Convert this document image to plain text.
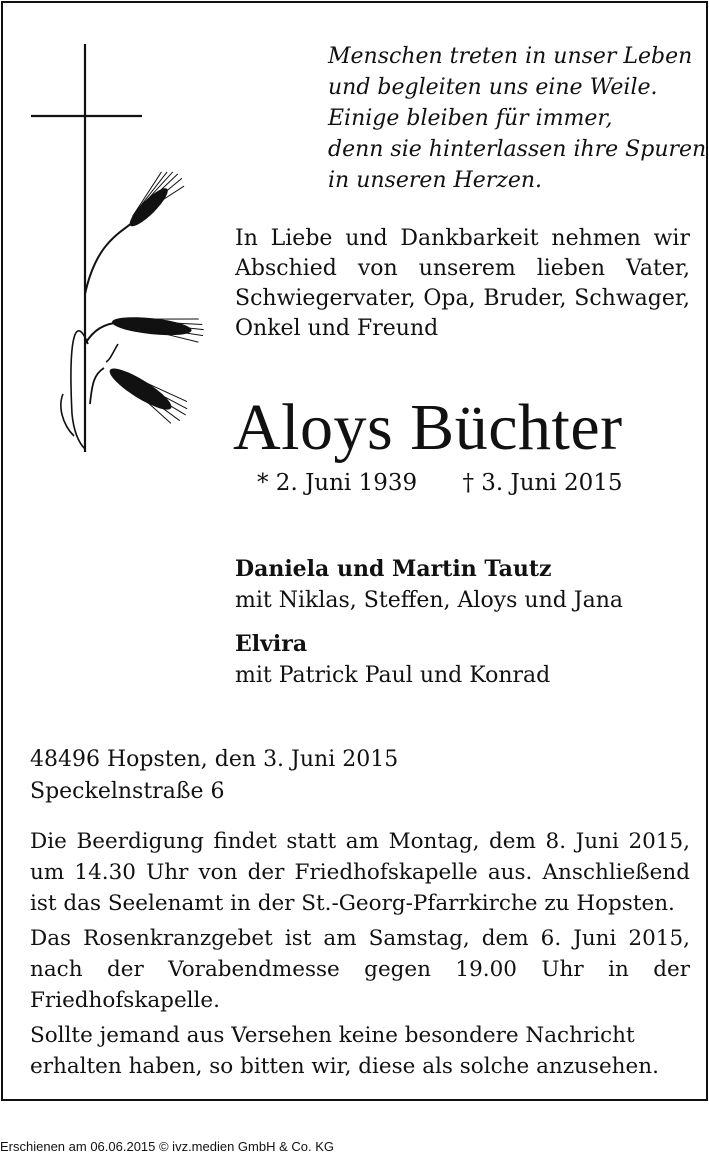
Menschen treten in unser Leben
und begleiten uns eine Weile.
Einige bleiben für immer,
denn sie hinterlassen ihre Spuren
in unseren Herzen.
In Liebe und Dankbarkeit nehmen wir Abschied von unserem lieben Vater, Schwiegervater, Opa, Bruder, Schwager, Onkel und Freund
Aloys Büchter
* 2. Juni 1939 † 3. Juni 2015
Daniela und Martin Tautz
mit Niklas, Steffen, Aloys und Jana
Elvira
mit Patrick Paul und Konrad
48496 Hopsten, den 3. Juni 2015
Speckelnstraße 6

Die Beerdigung findet statt am Montag, dem 8. Juni 2015, um 14.30 Uhr von der Friedhofskapelle aus. Anschließend ist das Seelenamt in der St.-Georg-Pfarrkirche zu Hopsten.

Das Rosenkranzgebet ist am Samstag, dem 6. Juni 2015, nach der Vorabendmesse gegen 19.00 Uhr in der Friedhofskapelle.

Sollte jemand aus Versehen keine besondere Nachricht erhalten haben, so bitten wir, diese als solche anzusehen.

Erschienen am 06.06.2015 © ivz.medien GmbH & Co. KG
